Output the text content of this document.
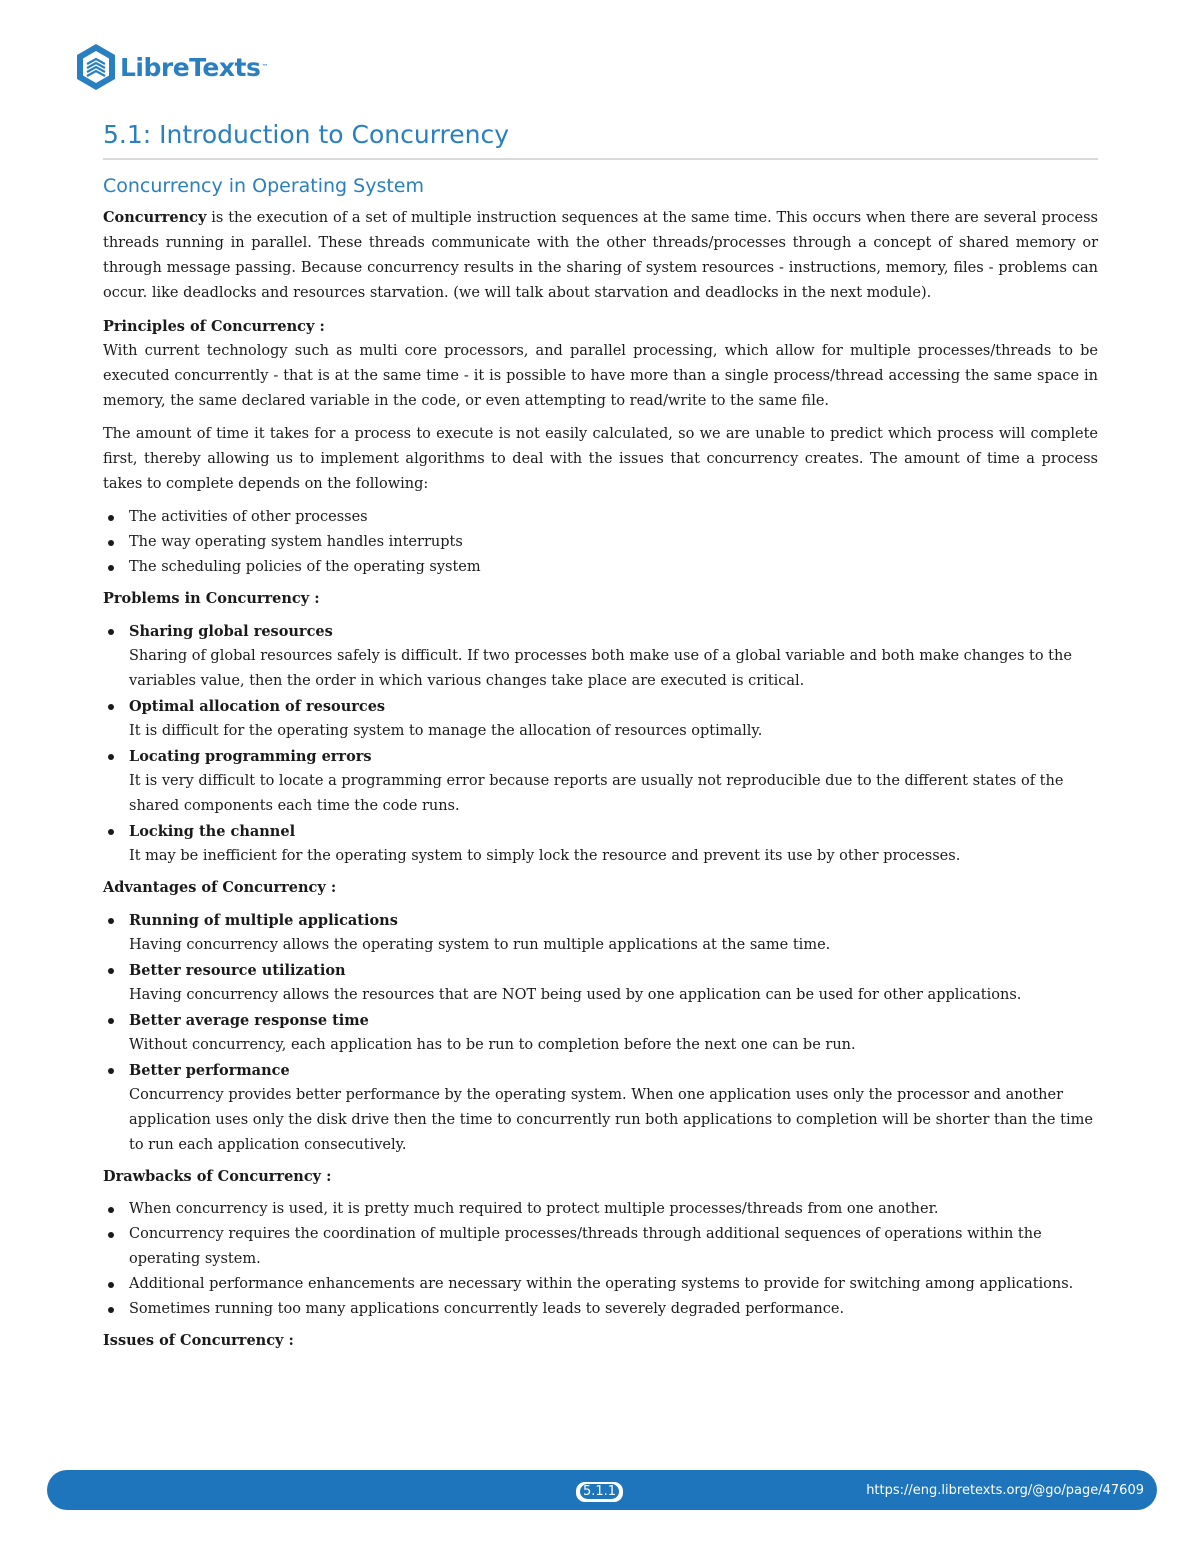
LibreTexts ™
5.1: Introduction to Concurrency
Concurrency in Operating System

Concurrency is the execution of a set of multiple instruction sequences at the same time. This occurs when there are several process threads running in parallel. These threads communicate with the other threads/processes through a concept of shared memory or through message passing. Because concurrency results in the sharing of system resources - instructions, memory, files - problems can occur. like deadlocks and resources starvation. (we will talk about starvation and deadlocks in the next module).

Principles of Concurrency :

With current technology such as multi core processors, and parallel processing, which allow for multiple processes/threads to be executed concurrently - that is at the same time - it is possible to have more than a single process/thread accessing the same space in memory, the same declared variable in the code, or even attempting to read/write to the same file.

The amount of time it takes for a process to execute is not easily calculated, so we are unable to predict which process will complete first, thereby allowing us to implement algorithms to deal with the issues that concurrency creates. The amount of time a process takes to complete depends on the following:

The activities of other processes
The way operating system handles interrupts
The scheduling policies of the operating system
Problems in Concurrency :
Sharing global resources
Sharing of global resources safely is difficult. If two processes both make use of a global variable and both make changes to the variables value, then the order in which various changes take place are executed is critical.
Optimal allocation of resources
It is difficult for the operating system to manage the allocation of resources optimally.
Locating programming errors
It is very difficult to locate a programming error because reports are usually not reproducible due to the different states of the shared components each time the code runs.
Locking the channel
It may be inefficient for the operating system to simply lock the resource and prevent its use by other processes.
Advantages of Concurrency :
Running of multiple applications
Having concurrency allows the operating system to run multiple applications at the same time.
Better resource utilization
Having concurrency allows the resources that are NOT being used by one application can be used for other applications.
Better average response time
Without concurrency, each application has to be run to completion before the next one can be run.
Better performance
Concurrency provides better performance by the operating system. When one application uses only the processor and another application uses only the disk drive then the time to concurrently run both applications to completion will be shorter than the time to run each application consecutively.
Drawbacks of Concurrency :
When concurrency is used, it is pretty much required to protect multiple processes/threads from one another.
Concurrency requires the coordination of multiple processes/threads through additional sequences of operations within the operating system.
Additional performance enhancements are necessary within the operating systems to provide for switching among applications.
Sometimes running too many applications concurrently leads to severely degraded performance.
Issues of Concurrency :
5.1.1	https://eng.libretexts.org/@go/page/47609
